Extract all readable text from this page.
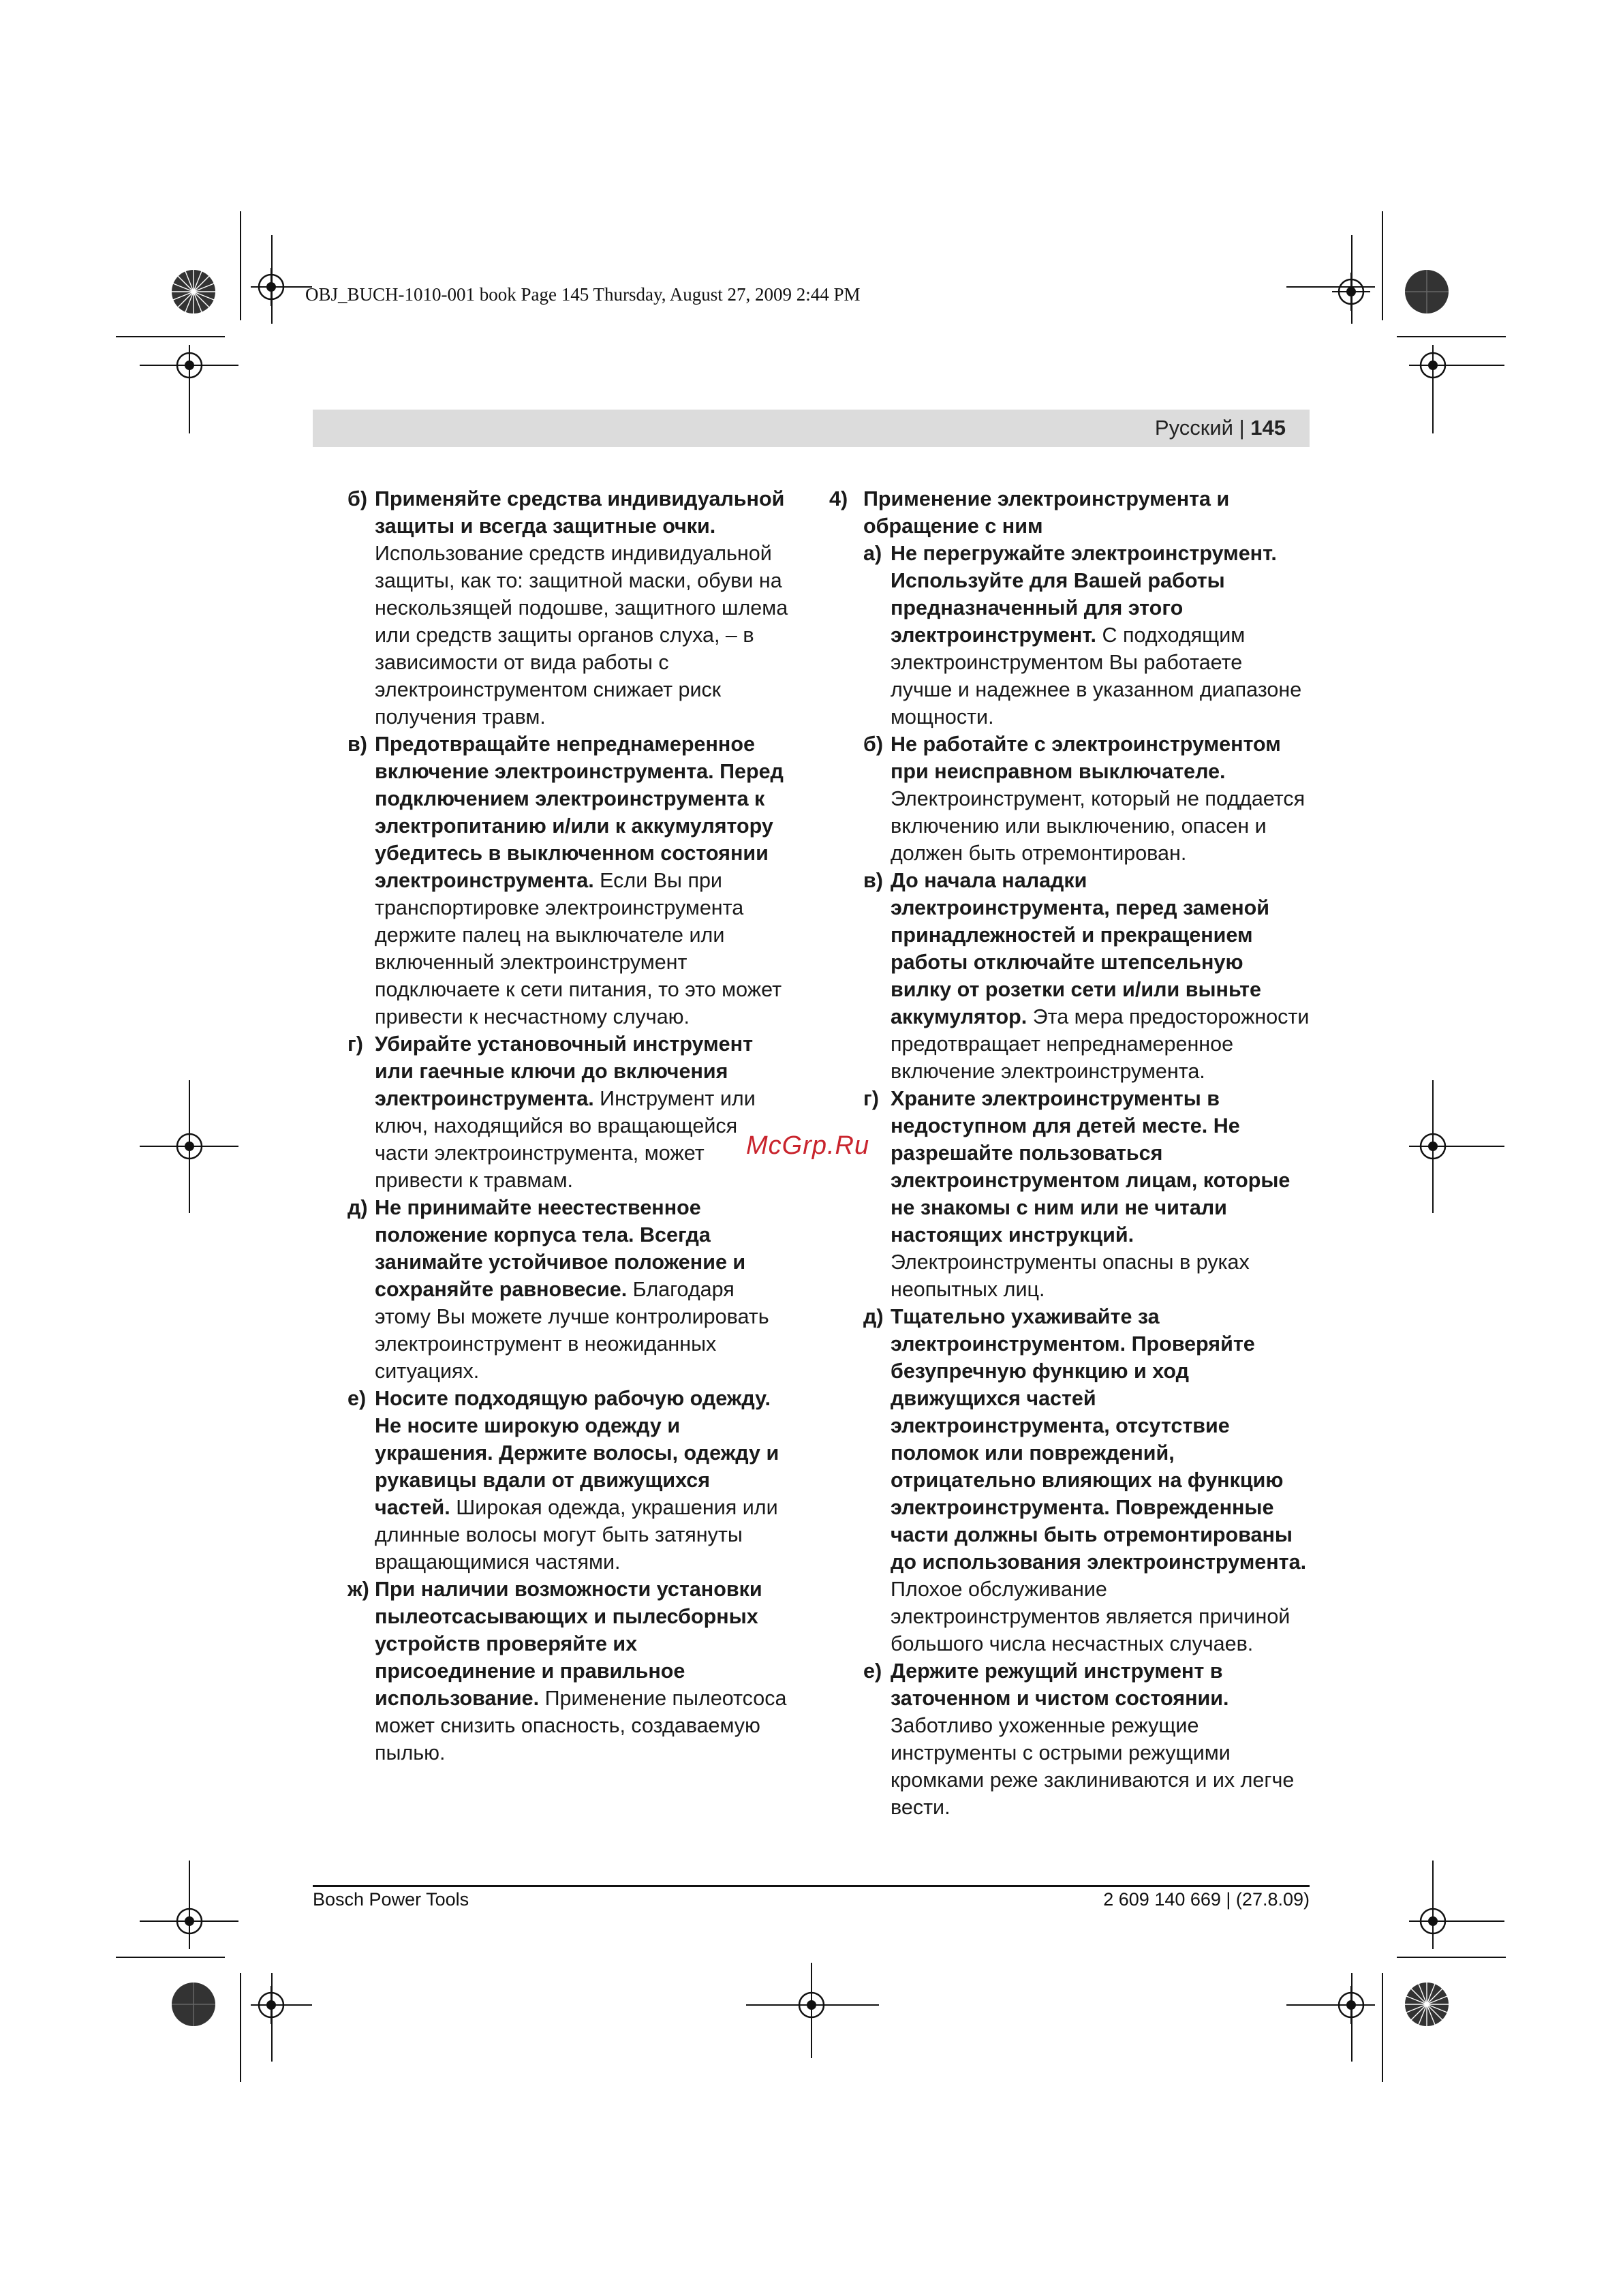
OBJ_BUCH-1010-001 book Page 145 Thursday, August 27, 2009 2:44 PM
Русский | 145

б) Применяйте средства индивидуальной защиты и всегда защитные очки. Использование средств индивидуальной защиты, как то: защитной маски, обуви на нескользящей подошве, защитного шлема или средств защиты органов слуха, – в зависимости от вида работы с электроинструментом снижает риск получения травм.

в) Предотвращайте непреднамеренное включение электроинструмента. Перед подключением электроинструмента к электропитанию и/или к аккумулятору убедитесь в выключенном состоянии электроинструмента. Если Вы при транспортировке электроинструмента держите палец на выключателе или включенный электроинструмент подключаете к сети питания, то это может привести к несчастному случаю.

г) Убирайте установочный инструмент или гаечные ключи до включения электроинструмента. Инструмент или ключ, находящийся во вращающейся части электроинструмента, может привести к травмам.

д) Не принимайте неестественное положение корпуса тела. Всегда занимайте устойчивое положение и сохраняйте равновесие. Благодаря этому Вы можете лучше контролировать электроинструмент в неожиданных ситуациях.

е) Носите подходящую рабочую одежду. Не носите широкую одежду и украшения. Держите волосы, одежду и рукавицы вдали от движущихся частей. Широкая одежда, украшения или длинные волосы могут быть затянуты вращающимися частями.

ж) При наличии возможности установки пылеотсасывающих и пылесборных устройств проверяйте их присоединение и правильное использование. Применение пылеотсоса может снизить опасность, создаваемую пылью.

4) Применение электроинструмента и обращение с ним

а) Не перегружайте электроинструмент. Используйте для Вашей работы предназначенный для этого электроинструмент. С подходящим электроинструментом Вы работаете лучше и надежнее в указанном диапазоне мощности.

б) Не работайте с электроинструментом при неисправном выключателе. Электроинструмент, который не поддается включению или выключению, опасен и должен быть отремонтирован.

в) До начала наладки электроинструмента, перед заменой принадлежностей и прекращением работы отключайте штепсельную вилку от розетки сети и/или выньте аккумулятор. Эта мера предосторожности предотвращает непреднамеренное включение электроинструмента.

г) Храните электроинструменты в недоступном для детей месте. Не разрешайте пользоваться электроинструментом лицам, которые не знакомы с ним или не читали настоящих инструкций. Электроинструменты опасны в руках неопытных лиц.

д) Тщательно ухаживайте за электроинструментом. Проверяйте безупречную функцию и ход движущихся частей электроинструмента, отсутствие поломок или повреждений, отрицательно влияющих на функцию электроинструмента. Поврежденные части должны быть отремонтированы до использования электроинструмента. Плохое обслуживание электроинструментов является причиной большого числа несчастных случаев.

е) Держите режущий инструмент в заточенном и чистом состоянии. Заботливо ухоженные режущие инструменты с острыми режущими кромками реже заклиниваются и их легче вести.

McGrp.Ru
Bosch Power Tools	2 609 140 669 | (27.8.09)
